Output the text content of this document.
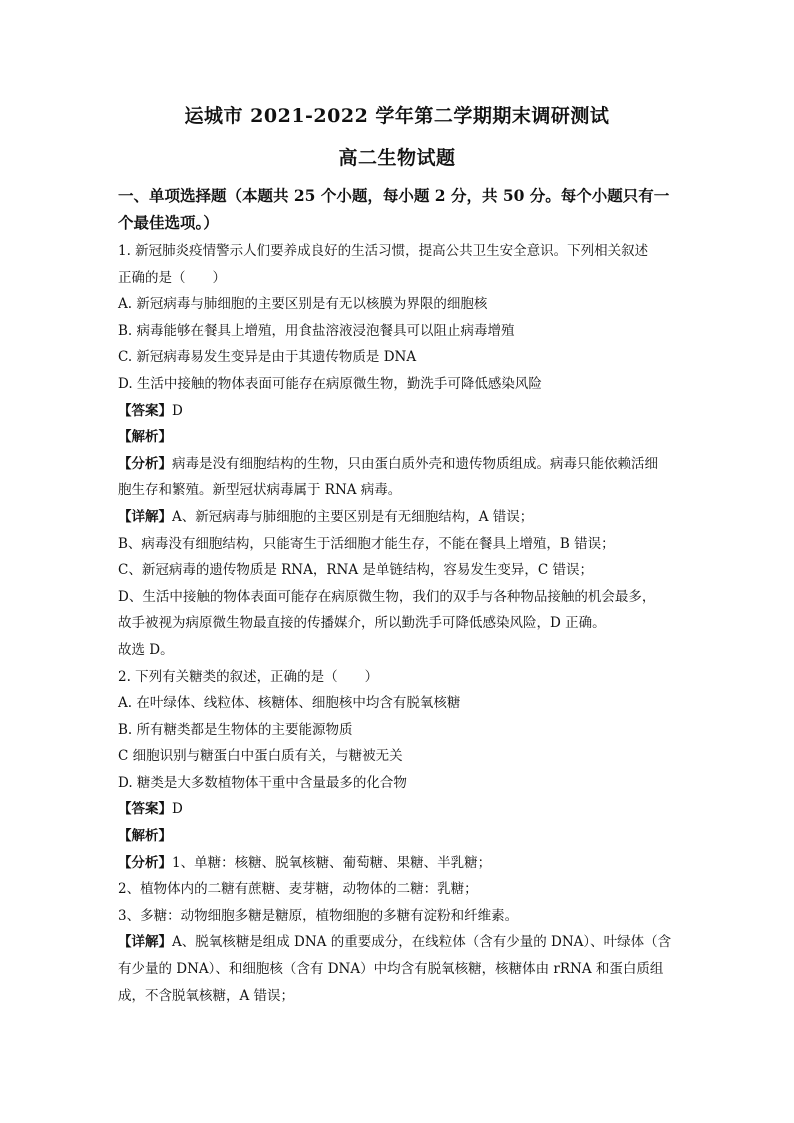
运城市 2021-2022 学年第二学期期末调研测试
高二生物试题
一、单项选择题（本题共 25 个小题，每小题 2 分，共 50 分。每个小题只有一
个最佳选项。）
1. 新冠肺炎疫情警示人们要养成良好的生活习惯，提高公共卫生安全意识。下列相关叙述
正确的是（　　）
A. 新冠病毒与肺细胞的主要区别是有无以核膜为界限的细胞核
B. 病毒能够在餐具上增殖，用食盐溶液浸泡餐具可以阻止病毒增殖
C. 新冠病毒易发生变异是由于其遗传物质是 DNA
D. 生活中接触的物体表面可能存在病原微生物，勤洗手可降低感染风险
【答案】D
【解析】
【分析】病毒是没有细胞结构的生物，只由蛋白质外壳和遗传物质组成。病毒只能依赖活细
胞生存和繁殖。新型冠状病毒属于 RNA 病毒。
【详解】A、新冠病毒与肺细胞的主要区别是有无细胞结构，A 错误；
B、病毒没有细胞结构，只能寄生于活细胞才能生存，不能在餐具上增殖，B 错误；
C、新冠病毒的遗传物质是 RNA，RNA 是单链结构，容易发生变异，C 错误；
D、生活中接触的物体表面可能存在病原微生物，我们的双手与各种物品接触的机会最多，
故手被视为病原微生物最直接的传播媒介，所以勤洗手可降低感染风险，D 正确。
故选 D。
2. 下列有关糖类的叙述，正确的是（　　）
A. 在叶绿体、线粒体、核糖体、细胞核中均含有脱氧核糖
B. 所有糖类都是生物体的主要能源物质
C 细胞识别与糖蛋白中蛋白质有关，与糖被无关
D. 糖类是大多数植物体干重中含量最多的化合物
【答案】D
【解析】
【分析】1、单糖：核糖、脱氧核糖、葡萄糖、果糖、半乳糖；
2、植物体内的二糖有蔗糖、麦芽糖，动物体的二糖：乳糖；
3、多糖：动物细胞多糖是糖原，植物细胞的多糖有淀粉和纤维素。
【详解】A、脱氧核糖是组成 DNA 的重要成分，在线粒体（含有少量的 DNA）、叶绿体（含
有少量的 DNA）、和细胞核（含有 DNA）中均含有脱氧核糖，核糖体由 rRNA 和蛋白质组
成，不含脱氧核糖，A 错误；
